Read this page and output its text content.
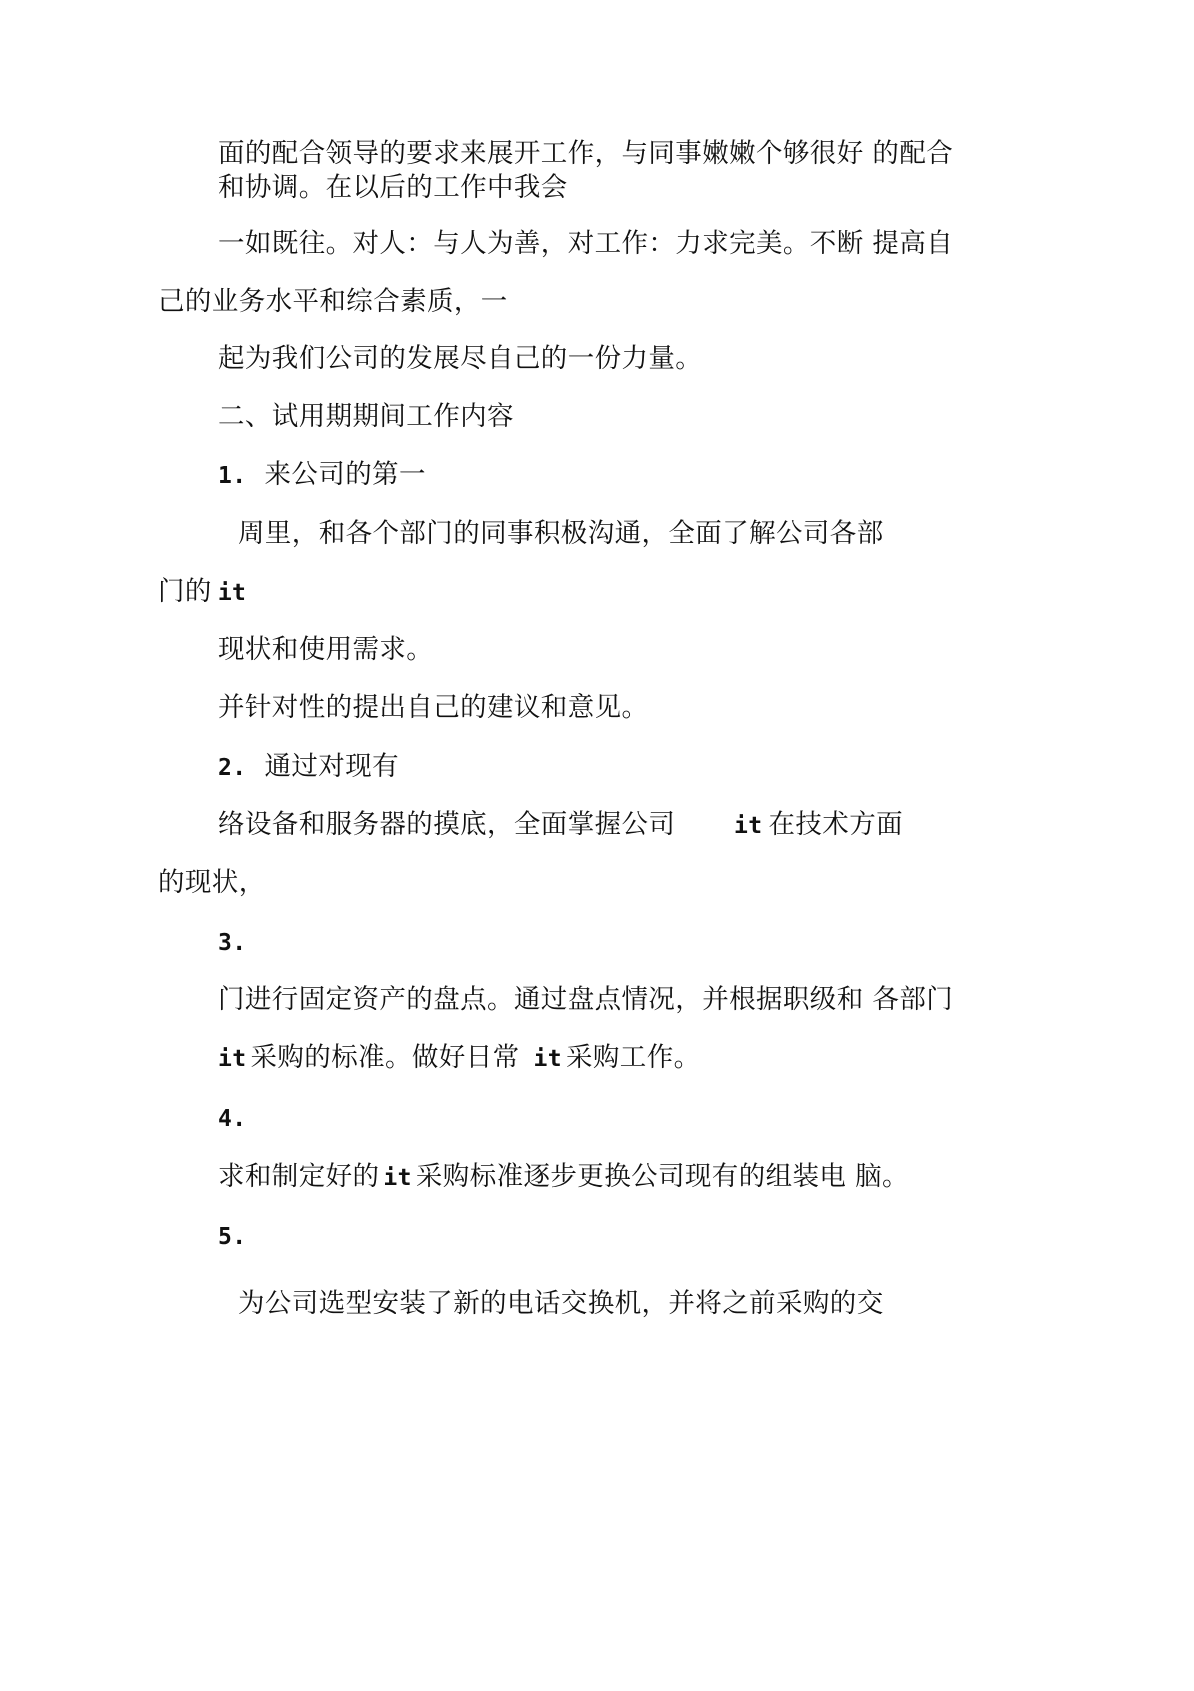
面的配合领导的要求来展开工作，与同事嫩嫩个够很好 的配合
和协调。在以后的工作中我会
一如既往。对人：与人为善，对工作：力求完美。不断 提高自
己的业务水平和综合素质，一
起为我们公司的发展尽自己的一份力量。
二、试用期期间工作内容
1. 来公司的第一
周里，和各个部门的同事积极沟通，全面了解公司各部
门的 it
现状和使用需求。
并针对性的提出自己的建议和意见。
2. 通过对现有
络设备和服务器的摸底，全面掌握公司	it 在技术方面
的现状，
3.
门进行固定资产的盘点。通过盘点情况，并根据职级和 各部门
it 采购的标准。做好日常 it 采购工作。
4.
求和制定好的 it 采购标准逐步更换公司现有的组装电 脑。
5.
为公司选型安装了新的电话交换机，并将之前采购的交
